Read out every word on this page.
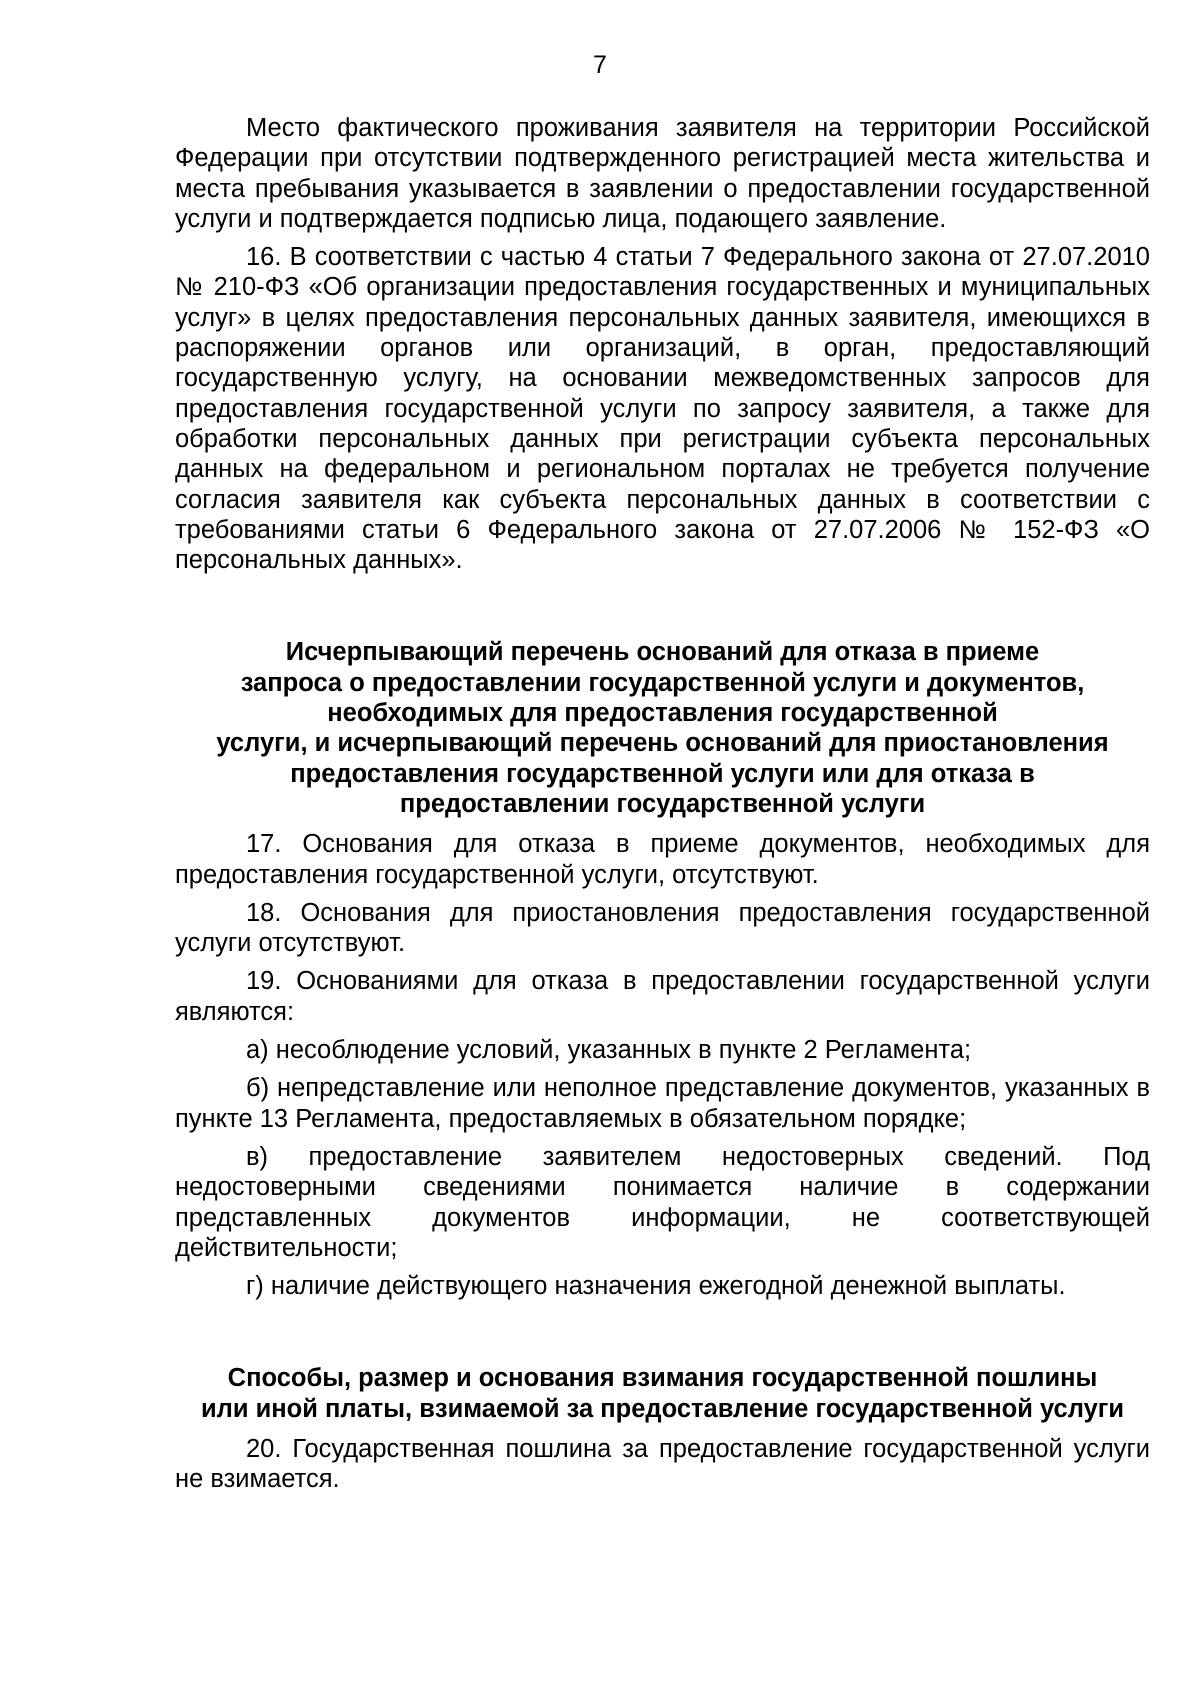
7

Место фактического проживания заявителя на территории Российской Федерации при отсутствии подтвержденного регистрацией места жительства и места пребывания указывается в заявлении о предоставлении государственной услуги и подтверждается подписью лица, подающего заявление.

16. В соответствии с частью 4 статьи 7 Федерального закона от 27.07.2010 № 210-ФЗ «Об организации предоставления государственных и муниципальных услуг» в целях предоставления персональных данных заявителя, имеющихся в распоряжении органов или организаций, в орган, предоставляющий государственную услугу, на основании межведомственных запросов для предоставления государственной услуги по запросу заявителя, а также для обработки персональных данных при регистрации субъекта персональных данных на федеральном и региональном порталах не требуется получение согласия заявителя как субъекта персональных данных в соответствии с требованиями статьи 6 Федерального закона от 27.07.2006 № 152-ФЗ «О персональных данных».

Исчерпывающий перечень оснований для отказа в приеме
запроса о предоставлении государственной услуги и документов,
необходимых для предоставления государственной
услуги, и исчерпывающий перечень оснований для приостановления
предоставления государственной услуги или для отказа в
предоставлении государственной услуги

17. Основания для отказа в приеме документов, необходимых для предоставления государственной услуги, отсутствуют.

18. Основания для приостановления предоставления государственной услуги отсутствуют.

19. Основаниями для отказа в предоставлении государственной услуги являются:

а) несоблюдение условий, указанных в пункте 2 Регламента;

б) непредставление или неполное представление документов, указанных в пункте 13 Регламента, предоставляемых в обязательном порядке;

в) предоставление заявителем недостоверных сведений. Под недостоверными сведениями понимается наличие в содержании представленных документов информации, не соответствующей действительности;

г) наличие действующего назначения ежегодной денежной выплаты.

Способы, размер и основания взимания государственной пошлины
или иной платы, взимаемой за предоставление государственной услуги

20. Государственная пошлина за предоставление государственной услуги не взимается.
